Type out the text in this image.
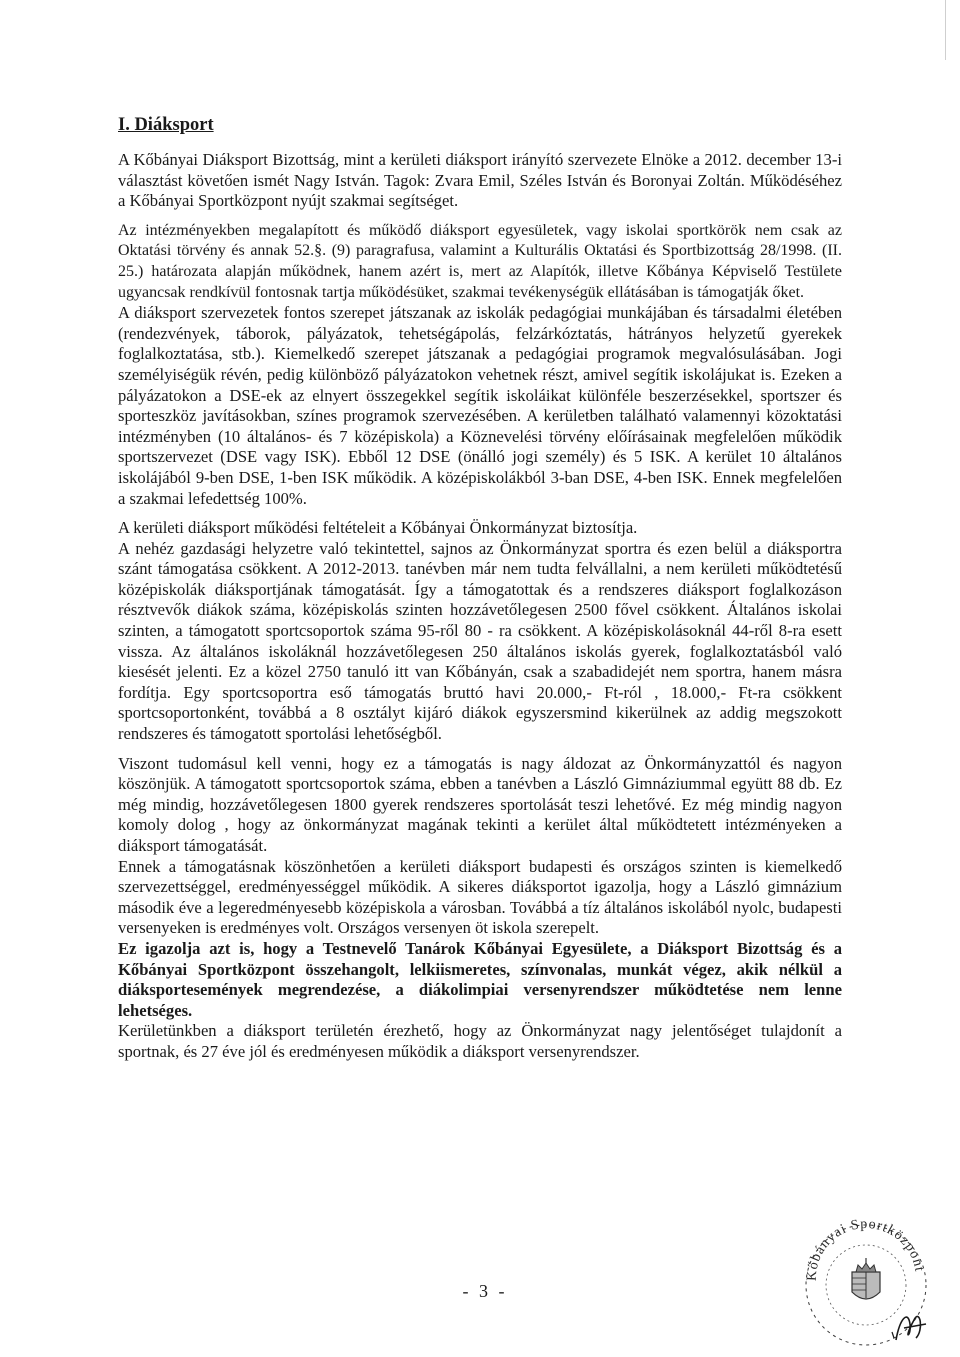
I. Diáksport

A Kőbányai Diáksport Bizottság, mint a kerületi diáksport irányító szervezete Elnöke a 2012. december 13-i választást követően ismét Nagy István. Tagok: Zvara Emil, Széles István és Boronyai Zoltán. Működéséhez a Kőbányai Sportközpont nyújt szakmai segítséget.

Az intézményekben megalapított és működő diáksport egyesületek, vagy iskolai sportkörök nem csak az Oktatási törvény és annak 52.§. (9) paragrafusa, valamint a Kulturális Oktatási és Sportbizottság 28/1998. (II. 25.) határozata alapján működnek, hanem azért is, mert az Alapítók, illetve Kőbánya Képviselő Testülete ugyancsak rendkívül fontosnak tartja működésüket, szakmai tevékenységük ellátásában is támogatják őket.

A diáksport szervezetek fontos szerepet játszanak az iskolák pedagógiai munkájában és társadalmi életében (rendezvények, táborok, pályázatok, tehetségápolás, felzárkóztatás, hátrányos helyzetű gyerekek foglalkoztatása, stb.). Kiemelkedő szerepet játszanak a pedagógiai programok megvalósulásában. Jogi személyiségük révén, pedig különböző pályázatokon vehetnek részt, amivel segítik iskolájukat is. Ezeken a pályázatokon a DSE-ek az elnyert összegekkel segítik iskoláikat különféle beszerzésekkel, sportszer és sporteszköz javításokban, színes programok szervezésében. A kerületben található valamennyi közoktatási intézményben (10 általános- és 7 középiskola) a Köznevelési törvény előírásainak megfelelően működik sportszervezet (DSE vagy ISK). Ebből 12 DSE (önálló jogi személy) és 5 ISK. A kerület 10 általános iskolájából 9-ben DSE, 1-ben ISK működik. A középiskolákból 3-ban DSE, 4-ben ISK. Ennek megfelelően a szakmai lefedettség 100%.

A kerületi diáksport működési feltételeit a Kőbányai Önkormányzat biztosítja.

A nehéz gazdasági helyzetre való tekintettel, sajnos az Önkormányzat sportra és ezen belül a diáksportra szánt támogatása csökkent. A 2012-2013. tanévben már nem tudta felvállalni, a nem kerületi működtetésű középiskolák diáksportjának támogatását. Így a támogatottak és a rendszeres diáksport foglalkozáson résztvevők diákok száma, középiskolás szinten hozzávetőlegesen 2500 fővel csökkent. Általános iskolai szinten, a támogatott sportcsoportok száma 95-ről 80 - ra csökkent. A középiskolásoknál 44-ről 8-ra esett vissza. Az általános iskoláknál hozzávetőlegesen 250 általános iskolás gyerek, foglalkoztatásból való kiesését jelenti. Ez a közel 2750 tanuló itt van Kőbányán, csak a szabadidejét nem sportra, hanem másra fordítja. Egy sportcsoportra eső támogatás bruttó havi 20.000,- Ft-ról , 18.000,- Ft-ra csökkent sportcsoportonként, továbbá a 8 osztályt kijáró diákok egyszersmind kikerülnek az addig megszokott rendszeres és támogatott sportolási lehetőségből.

Viszont tudomásul kell venni, hogy ez a támogatás is nagy áldozat az Önkormányzattól és nagyon köszönjük. A támogatott sportcsoportok száma, ebben a tanévben a László Gimnáziummal együtt 88 db. Ez még mindig, hozzávetőlegesen 1800 gyerek rendszeres sportolását teszi lehetővé. Ez még mindig nagyon komoly dolog , hogy az önkormányzat magának tekinti a kerület által működtetett intézményeken a diáksport támogatását.

Ennek a támogatásnak köszönhetően a kerületi diáksport budapesti és országos szinten is kiemelkedő szervezettséggel, eredményességgel működik. A sikeres diáksportot igazolja, hogy a László gimnázium második éve a legeredményesebb középiskola a városban. Továbbá a tíz általános iskolából nyolc, budapesti versenyeken is eredményes volt. Országos versenyen öt iskola szerepelt.

Ez igazolja azt is, hogy a Testnevelő Tanárok Kőbányai Egyesülete, a Diáksport Bizottság és a Kőbányai Sportközpont összehangolt, lelkiismeretes, színvonalas, munkát végez, akik nélkül a diáksportesemények megrendezése, a diákolimpiai versenyrendszer működtetése nem lenne lehetséges.

Kerületünkben a diáksport területén érezhető, hogy az Önkormányzat nagy jelentőséget tulajdonít a sportnak, és 27 éve jól és eredményesen működik a diáksport versenyrendszer.

- 3 -
Kőbányai Sportközpont
